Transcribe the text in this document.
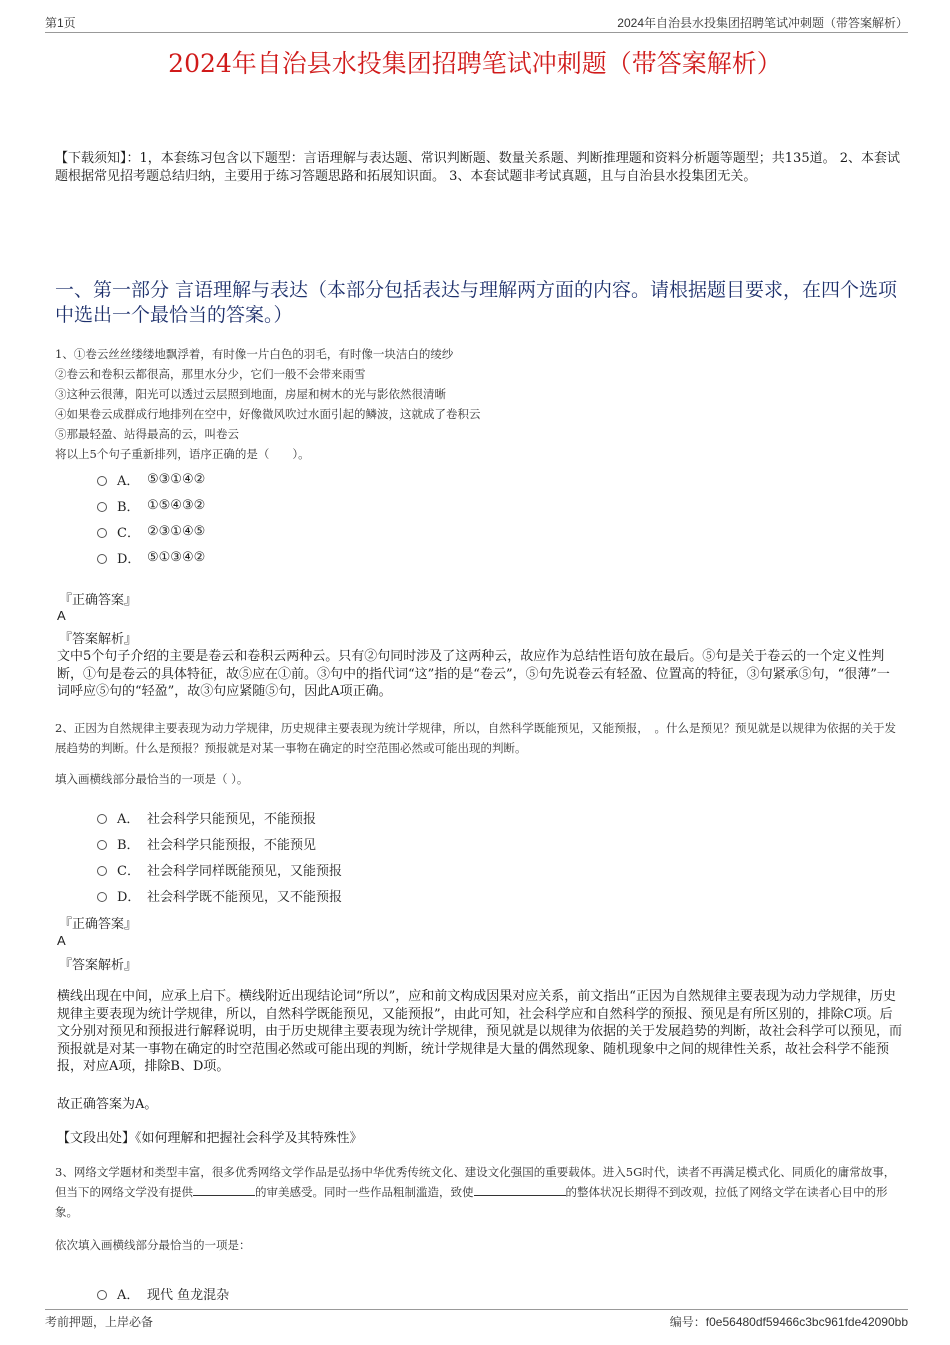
第1页	2024年自治县水投集团招聘笔试冲刺题（带答案解析）
2024年自治县水投集团招聘笔试冲刺题（带答案解析）
【下载须知】：1，本套练习包含以下题型：言语理解与表达题、常识判断题、数量关系题、判断推理题和资料分析题等题型；共135道。 2、本套试题根据常见招考题总结归纳，主要用于练习答题思路和拓展知识面。 3、本套试题非考试真题，且与自治县水投集团无关。
一、第一部分 言语理解与表达（本部分包括表达与理解两方面的内容。请根据题目要求，在四个选项中选出一个最恰当的答案。）
1、①卷云丝丝缕缕地飘浮着，有时像一片白色的羽毛，有时像一块洁白的绫纱
②卷云和卷积云都很高，那里水分少，它们一般不会带来雨雪
③这种云很薄，阳光可以透过云层照到地面，房屋和树木的光与影依然很清晰
④如果卷云成群成行地排列在空中，好像微风吹过水面引起的鳞波，这就成了卷积云
⑤那最轻盈、站得最高的云，叫卷云
将以上5个句子重新排列，语序正确的是（　　）。
A． ⑤③①④②
B． ①⑤④③②
C． ②③①④⑤
D． ⑤①③④②
『正确答案』
A
『答案解析』
文中5个句子介绍的主要是卷云和卷积云两种云。只有②句同时涉及了这两种云，故应作为总结性语句放在最后。⑤句是关于卷云的一个定义性判断，①句是卷云的具体特征，故⑤应在①前。③句中的指代词“这”指的是“卷云”，⑤句先说卷云有轻盈、位置高的特征，③句紧承⑤句，“很薄”一词呼应⑤句的“轻盈”，故③句应紧随⑤句，因此A项正确。
2、正因为自然规律主要表现为动力学规律，历史规律主要表现为统计学规律，所以，自然科学既能预见，又能预报，　。什么是预见？预见就是以规律为依据的关于发展趋势的判断。什么是预报？预报就是对某一事物在确定的时空范围必然或可能出现的判断。
填入画横线部分最恰当的一项是（ ）。
A． 社会科学只能预见，不能预报
B． 社会科学只能预报，不能预见
C． 社会科学同样既能预见，又能预报
D． 社会科学既不能预见，又不能预报
『正确答案』
A
『答案解析』
横线出现在中间，应承上启下。横线附近出现结论词“所以”，应和前文构成因果对应关系，前文指出“正因为自然规律主要表现为动力学规律，历史规律主要表现为统计学规律，所以，自然科学既能预见，又能预报”，由此可知，社会科学应和自然科学的预报、预见是有所区别的，排除C项。后文分别对预见和预报进行解释说明，由于历史规律主要表现为统计学规律，预见就是以规律为依据的关于发展趋势的判断，故社会科学可以预见，而预报就是对某一事物在确定的时空范围必然或可能出现的判断，统计学规律是大量的偶然现象、随机现象中之间的规律性关系，故社会科学不能预报，对应A项，排除B、D项。
故正确答案为A。
【文段出处】《如何理解和把握社会科学及其特殊性》
3、网络文学题材和类型丰富，很多优秀网络文学作品是弘扬中华优秀传统文化、建设文化强国的重要载体。进入5G时代，读者不再满足模式化、同质化的庸常故事，但当下的网络文学没有提供	的审美感受。同时一些作品粗制滥造，致使	的整体状况长期得不到改观，拉低了网络文学在读者心目中的形象。
依次填入画横线部分最恰当的一项是：
A． 现代 鱼龙混杂
考前押题，上岸必备	编号：f0e56480df59466c3bc961fde42090bb
